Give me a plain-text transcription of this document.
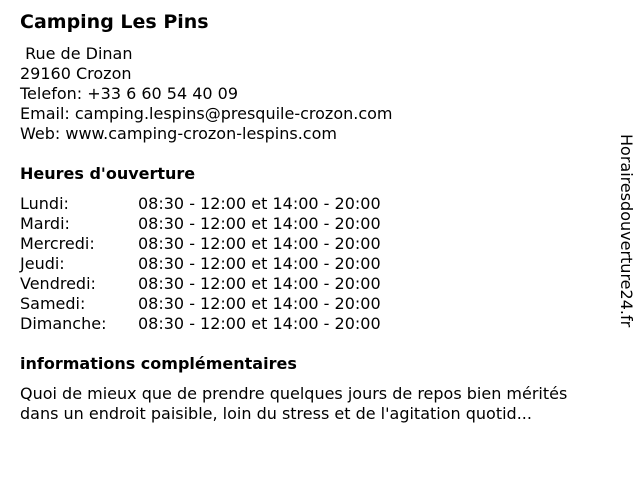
Camping Les Pins
Rue de Dinan
29160 Crozon
Telefon: +33 6 60 54 40 09
Email: camping.lespins@presquile-crozon.com
Web: www.camping-crozon-lespins.com
Heures d'ouverture
Lundi:	08:30 - 12:00 et 14:00 - 20:00
Mardi:	08:30 - 12:00 et 14:00 - 20:00
Mercredi:	08:30 - 12:00 et 14:00 - 20:00
Jeudi:	08:30 - 12:00 et 14:00 - 20:00
Vendredi:	08:30 - 12:00 et 14:00 - 20:00
Samedi:	08:30 - 12:00 et 14:00 - 20:00
Dimanche:	08:30 - 12:00 et 14:00 - 20:00
informations complémentaires
Quoi de mieux que de prendre quelques jours de repos bien mérités dans un endroit paisible, loin du stress et de l'agitation quotid...
Horairesdouverture24.fr
